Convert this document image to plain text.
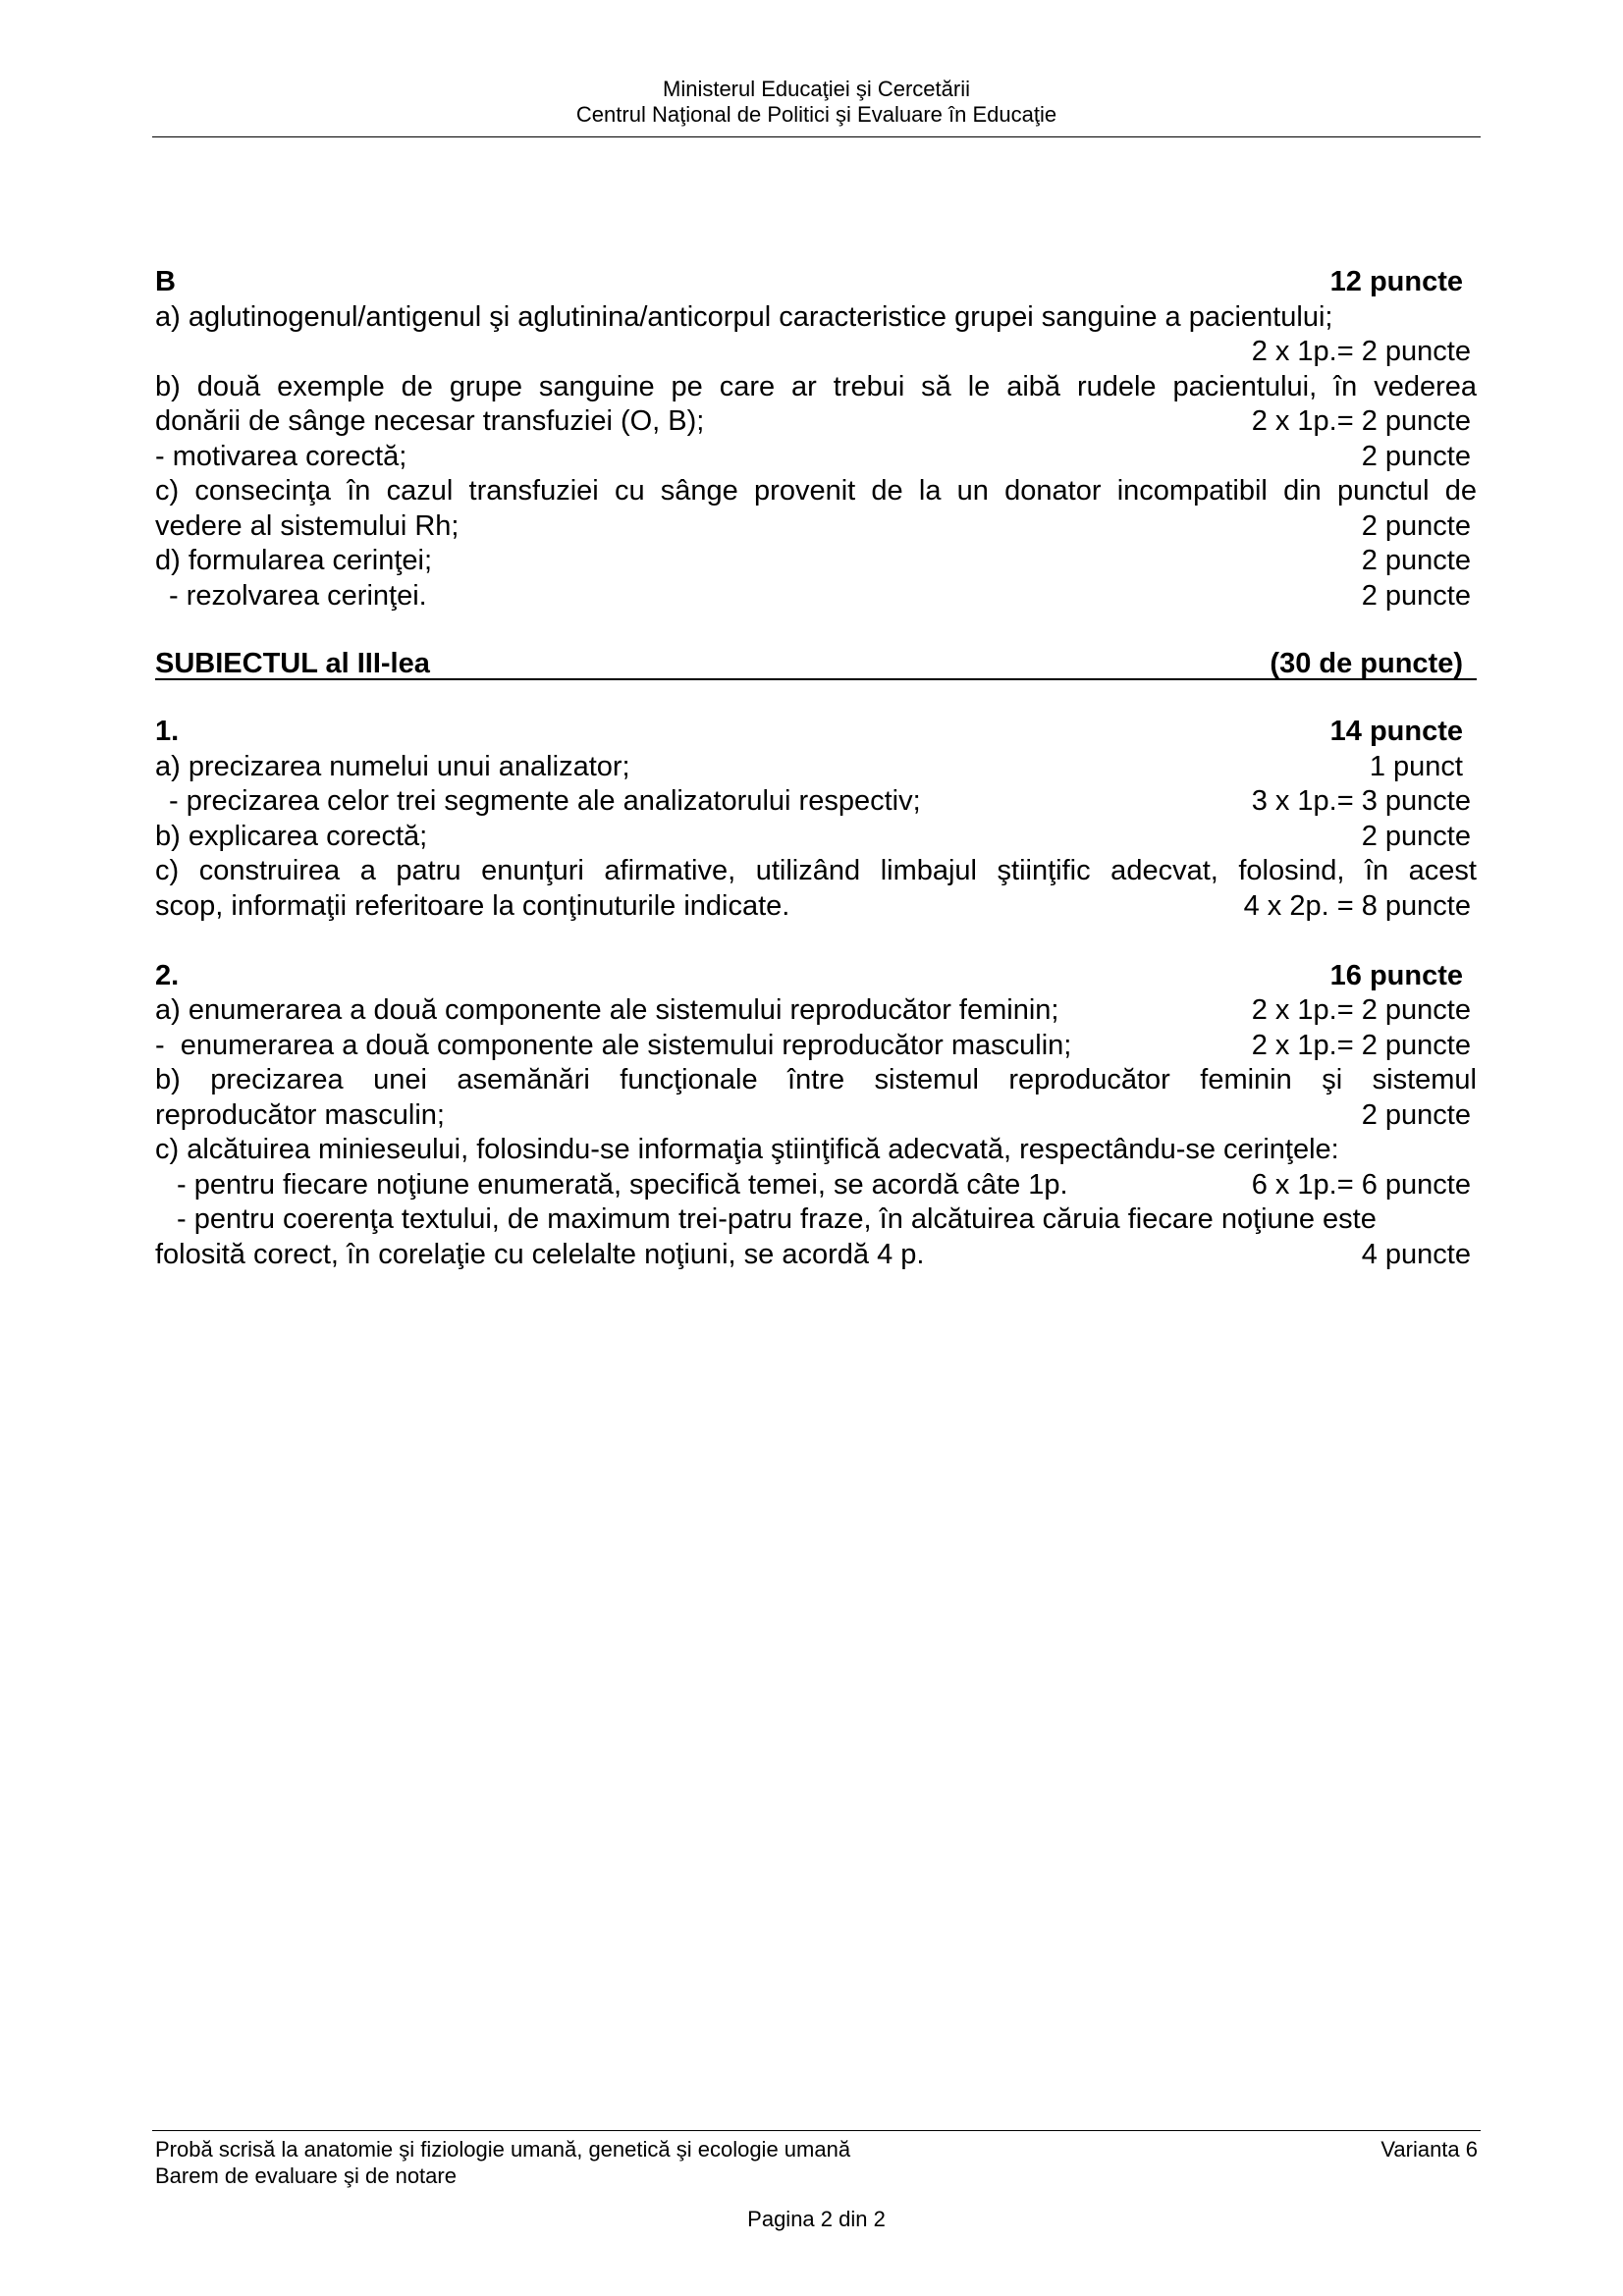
Ministerul Educaţiei şi Cercetării
Centrul Naţional de Politici şi Evaluare în Educaţie
B	12 puncte
a) aglutinogenul/antigenul şi aglutinina/anticorpul caracteristice grupei sanguine a pacientului;
2 x 1p.= 2 puncte
b) două exemple de grupe sanguine pe care ar trebui să le aibă rudele pacientului, în vederea
donării de sânge necesar transfuziei (O, B);	2 x 1p.= 2 puncte
- motivarea corectă;	2 puncte
c) consecinţa în cazul transfuziei cu sânge provenit de la un donator incompatibil din punctul de
vedere al sistemului Rh;	2 puncte
d) formularea cerinţei;	2 puncte
- rezolvarea cerinţei.	2 puncte
SUBIECTUL al III-lea	(30 de puncte)
1.	14 puncte
a) precizarea numelui unui analizator;	1 punct
- precizarea celor trei segmente ale analizatorului respectiv;	3 x 1p.= 3 puncte
b) explicarea corectă;	2 puncte
c) construirea a patru enunţuri afirmative, utilizând limbajul ştiinţific adecvat, folosind, în acest
scop, informaţii referitoare la conţinuturile indicate.	4 x 2p. = 8 puncte
2.	16 puncte
a) enumerarea a două componente ale sistemului reproducător feminin;	2 x 1p.= 2 puncte
-  enumerarea a două componente ale sistemului reproducător masculin;	2 x 1p.= 2 puncte
b) precizarea unei asemănări funcţionale între sistemul reproducător feminin şi sistemul
reproducător masculin;	2 puncte
c) alcătuirea minieseului, folosindu-se informaţia ştiinţifică adecvată, respectându-se cerinţele:
- pentru fiecare noţiune enumerată, specifică temei, se acordă câte 1p.	6 x 1p.= 6 puncte
- pentru coerenţa textului, de maximum trei-patru fraze, în alcătuirea căruia fiecare noţiune este
folosită corect, în corelaţie cu celelalte noţiuni, se acordă 4 p.	4 puncte
Probă scrisă la anatomie şi fiziologie umană, genetică şi ecologie umană	Varianta 6
Barem de evaluare şi de notare
Pagina 2 din 2
